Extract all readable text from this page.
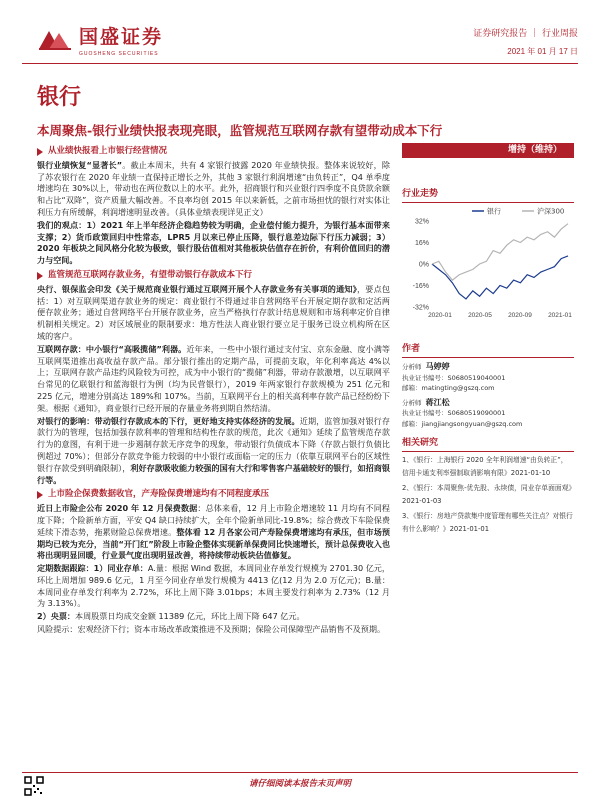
国盛证券
GUOSHENG SECURITIES
证券研究报告 ｜ 行业周报
2021 年 01 月 17 日
银行
本周聚焦-银行业绩快报表现亮眼，监管规范互联网存款有望带动成本下行
从业绩快报看上市银行经营情况

银行业绩恢复“显著长”。截止本周末，共有 4 家银行披露 2020 年业绩快报。整体来说较好，除了苏农银行在 2020 年业绩一直保持正增长之外，其他 3 家银行利润增速“由负转正”，Q4 单季度增速均在 30%以上，带动也在两位数以上的水平。此外，招商银行和兴业银行四季度不良贷款余额和占比“双降”，资产质量大幅改善。不良率均创 2015 年以来新低，之前市场担忧的银行对实体让利压力有所缓解，利润增速明显改善。（具体业绩表现详见正文）

我们的观点：1）2021 年上半年经济企稳趋势较为明确，企业偿付能力提升，为银行基本面带来支撑；2）货币政策回归中性常态，LPR5 月以来已停止压降，银行息差边际下行压力减弱；3）2020 年板块之间风格分化较为极致，银行股估值相对其他板块估值存在折价，有利价值回归的潜力与空间。

监管规范互联网存款业务，有望带动银行存款成本下行

央行、银保监会印发《关于规范商业银行通过互联网开展个人存款业务有关事项的通知》，要点包括：1）对互联网渠道存款业务的规定：商业银行不得通过非自营网络平台开展定期存款和定活两便存款业务；通过自营网络平台开展存款业务，应当严格执行存款计结息规则和市场利率定价自律机制相关规定。2）对区域展业的限制要求：地方性法人商业银行要立足于服务已设立机构所在区域的客户。

互联网存款：中小银行“高吸揽储”利器。近年来，一些中小银行通过支付宝、京东金融、度小满等互联网渠道推出高收益存款产品。部分银行推出的定期产品，可提前支取，年化利率高达 4%以上；互联网存款产品违约风险较为可控，成为中小银行的“揽储”利器，带动存款激增，以互联网平台常见的亿联银行和蓝海银行为例（均为民营银行），2019 年两家银行存款规模为 251 亿元和 225 亿元，增速分别高达 189%和 107%。当前，互联网平台上的相关高利率存款产品已经纷纷下架。根据《通知》，商业银行已经开展的存量业务将到期自然结清。

对银行的影响：带动银行存款成本的下行，更好地支持实体经济的发展。近期，监管加强对银行存款行为的管理，包括加强存款利率的管理和结构性存款的规范，此次《通知》延续了监管规范存款行为的意图，有利于进一步遏制存款无序竞争的现象，带动银行负债成本下降（存款占银行负债比例超过 70%）；但部分存款竞争能力较弱的中小银行或面临一定的压力（依靠互联网平台的区域性银行存款受到明确限制），利好存款吸收能力较强的国有大行和零售客户基础较好的银行，如招商银行等。

上市险企保费数据收官，产寿险保费增速均有不同程度承压

近日上市险企公布 2020 年 12 月保费数据：总体来看，12 月上市险企增速较 11 月均有不同程度下降；个险新单方面，平安 Q4 缺口持续扩大，全年个险新单同比-19.8%；综合费改下车险保费延续下滑态势，拖累财险总保费增速。整体看 12 月各家公司产寿险保费增速均有承压，但市场预期均已较为充分，当前“开门红”阶段上市险企整体实现新单保费同比快速增长，预计总保费收入也将出现明显回暖，行业景气度出现明显改善，将持续带动板块估值修复。

定期数据跟踪：1）同业存单：A.量：根据 Wind 数据，本周同业存单发行规模为 2701.30 亿元，环比上周增加 989.6 亿元，1 月至今同业存单发行规模为 4413 亿(12 月为 2.0 万亿元)；B.量：本周同业存单发行利率为 2.72%，环比上周下降 3.01bps；本周主要发行利率为 2.73%（12 月为 3.13%）。

2）央票：本周股票日均成交金额 11389 亿元，环比上周下降 647 亿元。

风险提示：宏观经济下行；资本市场改革政策推进不及预期；保险公司保障型产品销售不及预期。

增持（维持）
行业走势
32%
16%
0%
-16%
-32%
2020-01 2020-05 2020-09 2021-01
银行	沪深300
作者
分析师 马婷婷
执业证书编号：S0680519040001
邮箱：matingting@gszq.com
分析师 蒋江松
执业证书编号：S0680519090001
邮箱：jiangjiangsongyuan@gszq.com
相关研究
1、《银行：上海银行 2020 全年利润增速“由负转正”，信用卡通支利率强制取消影响有限》2021-01-10
2、《银行：本周聚焦-优先股、永续债，同业存单面面观》2021-01-03
3、《银行：房地产贷款集中度管理有哪些关注点？对银行有什么影响？》2021-01-01
请仔细阅读本报告末页声明
